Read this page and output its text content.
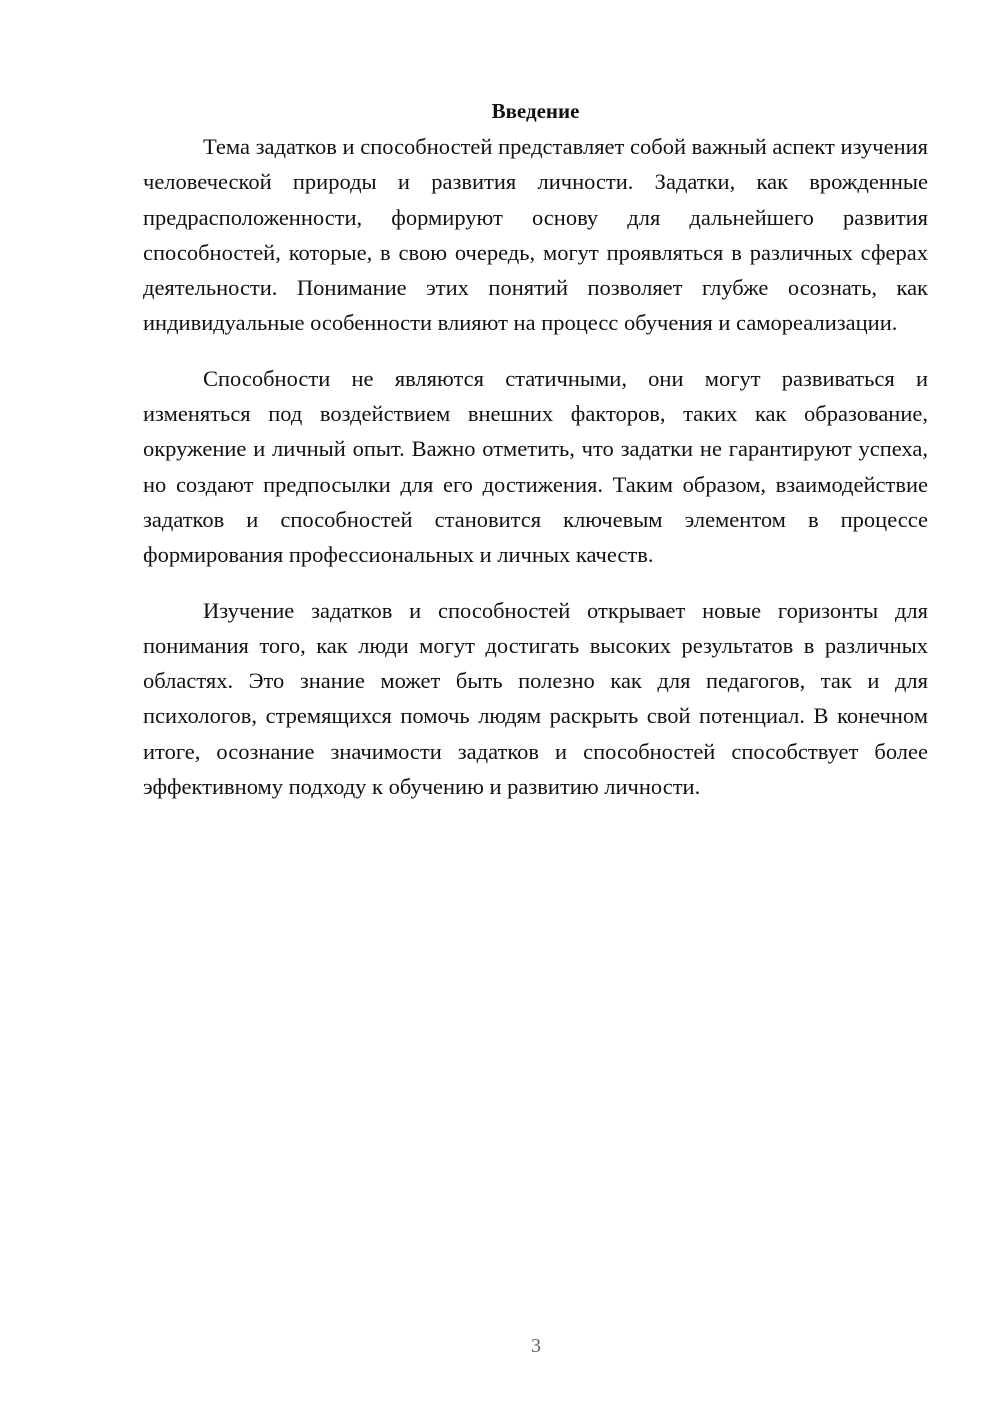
Введение

Тема задатков и способностей представляет собой важный аспект изучения человеческой природы и развития личности. Задатки, как врожденные предрасположенности, формируют основу для дальнейшего развития способностей, которые, в свою очередь, могут проявляться в различных сферах деятельности. Понимание этих понятий позволяет глубже осознать, как индивидуальные особенности влияют на процесс обучения и самореализации.

Способности не являются статичными, они могут развиваться и изменяться под воздействием внешних факторов, таких как образование, окружение и личный опыт. Важно отметить, что задатки не гарантируют успеха, но создают предпосылки для его достижения. Таким образом, взаимодействие задатков и способностей становится ключевым элементом в процессе формирования профессиональных и личных качеств.

Изучение задатков и способностей открывает новые горизонты для понимания того, как люди могут достигать высоких результатов в различных областях. Это знание может быть полезно как для педагогов, так и для психологов, стремящихся помочь людям раскрыть свой потенциал. В конечном итоге, осознание значимости задатков и способностей способствует более эффективному подходу к обучению и развитию личности.

3
